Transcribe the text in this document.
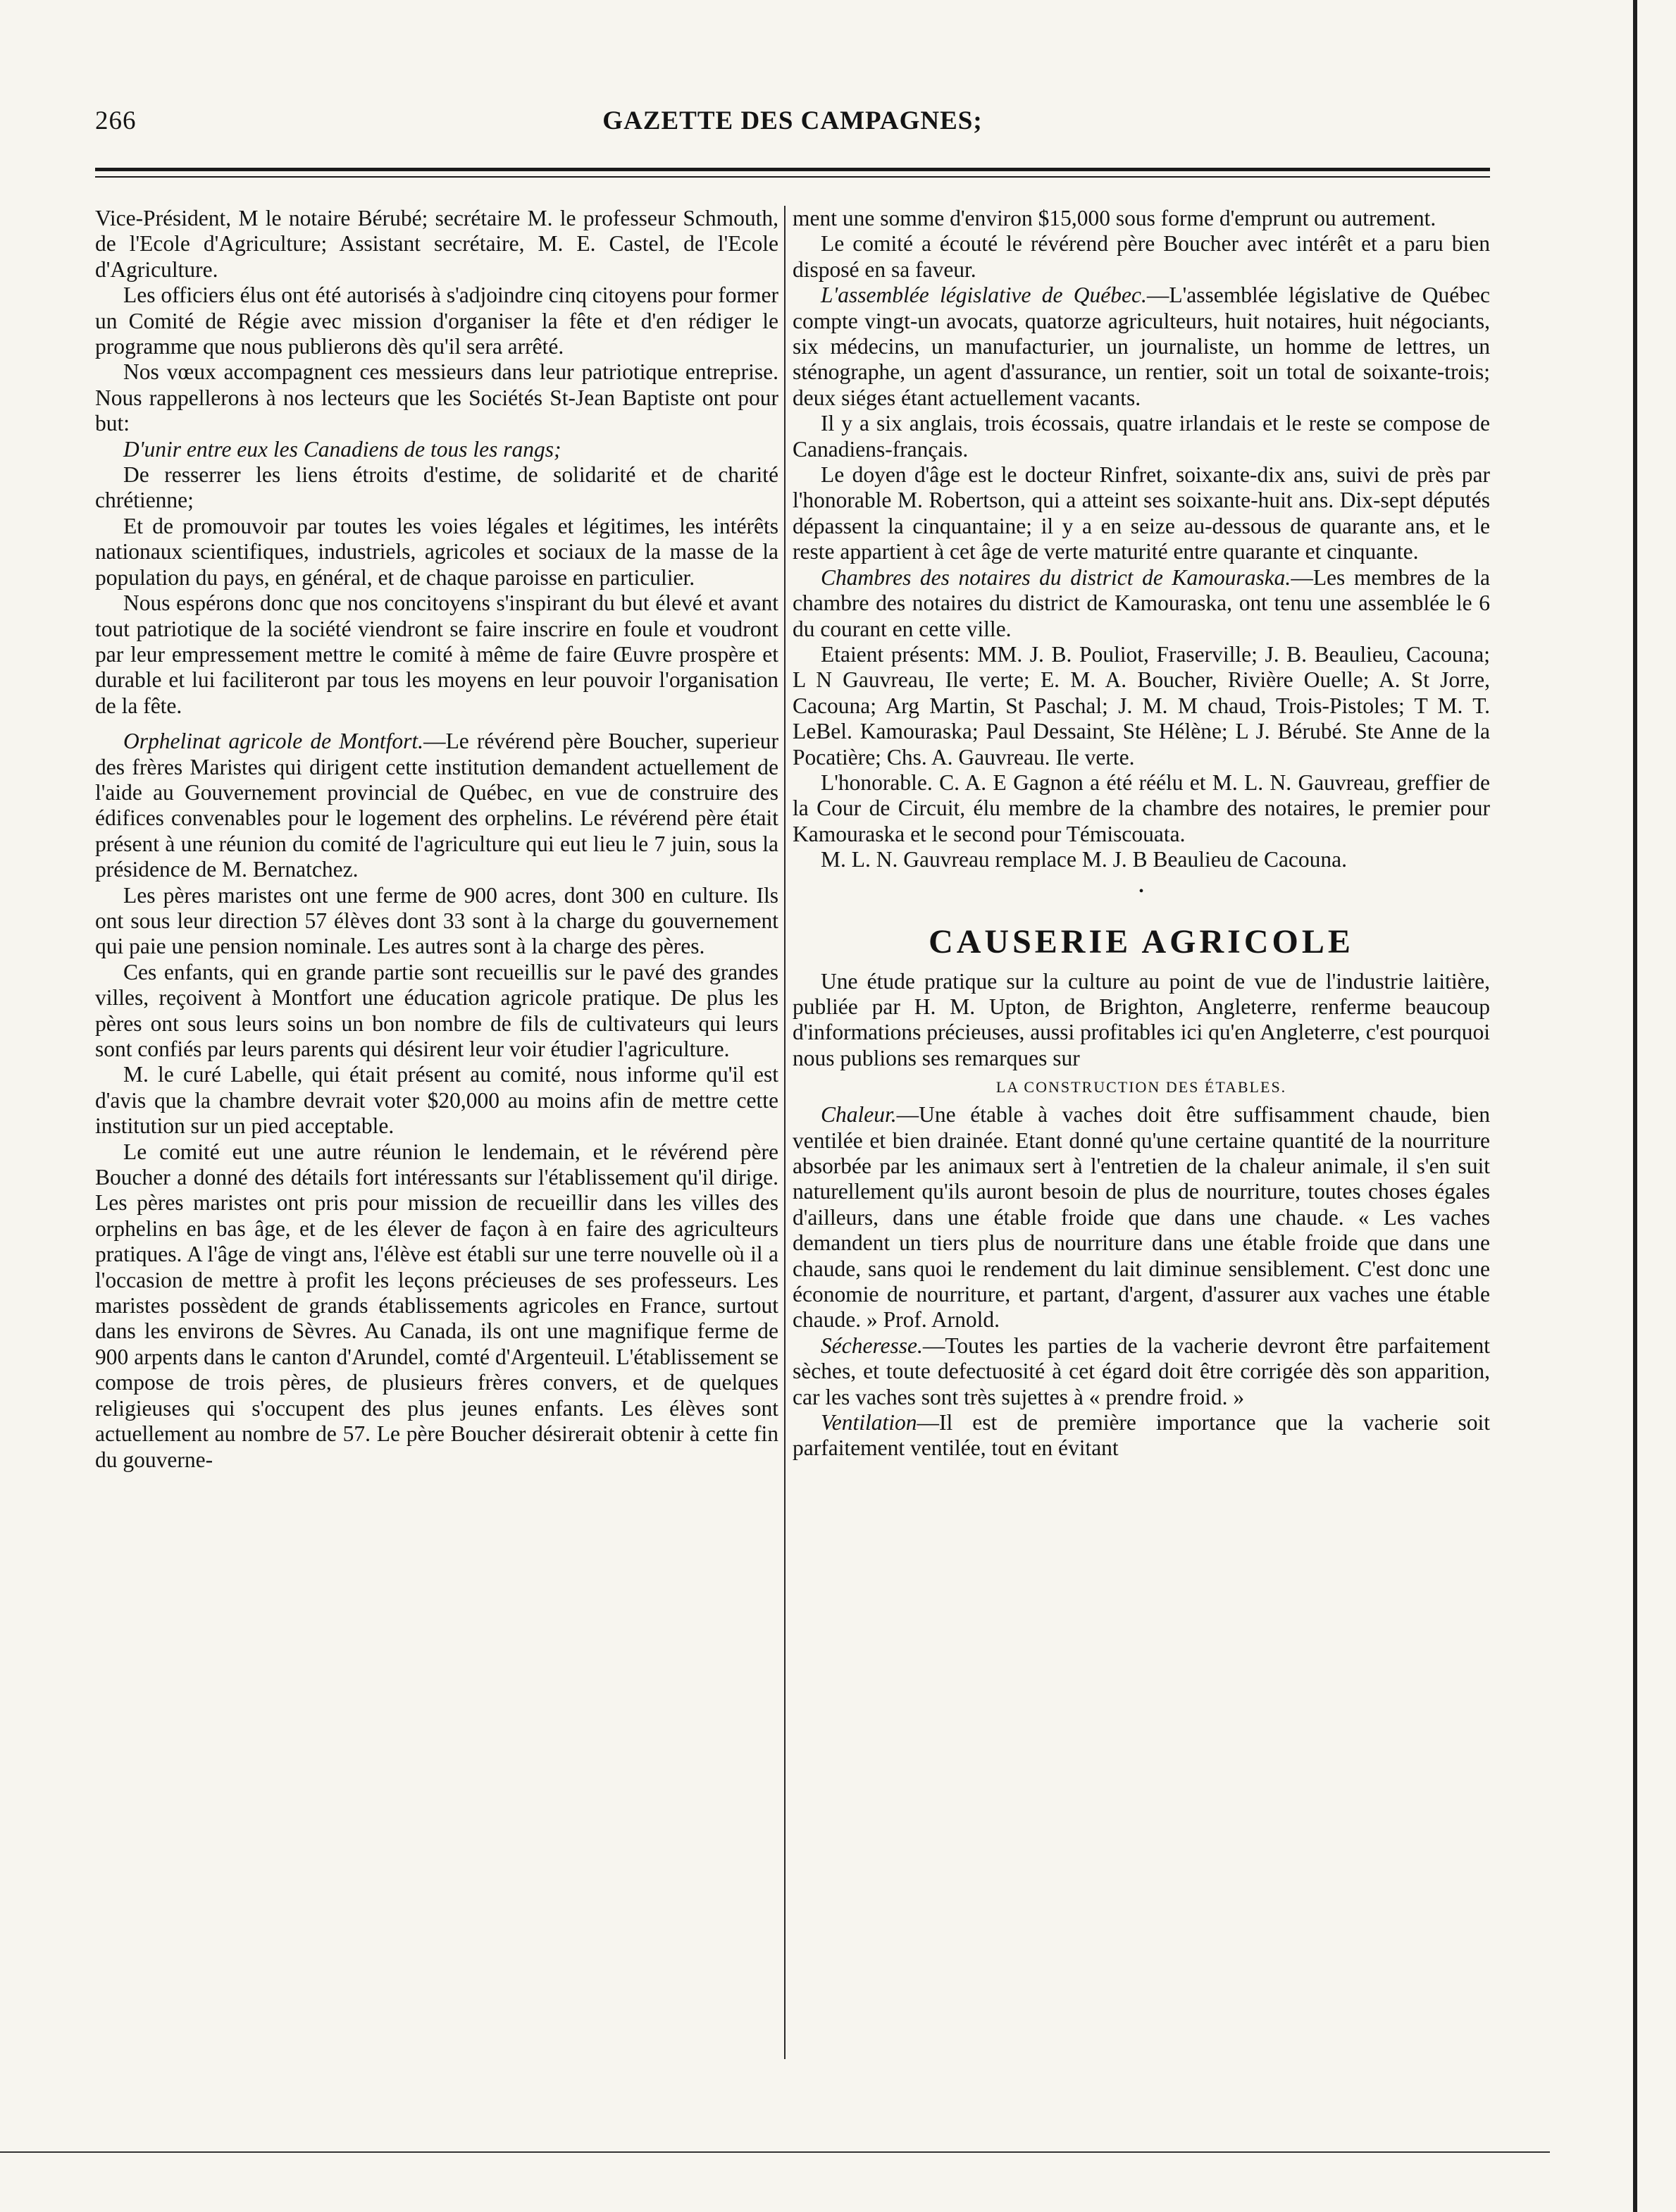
266	GAZETTE DES CAMPAGNES;

Vice-Président, M le notaire Bérubé; secrétaire M. le professeur Schmouth, de l'Ecole d'Agriculture; Assistant secrétaire, M. E. Castel, de l'Ecole d'Agriculture.

Les officiers élus ont été autorisés à s'adjoindre cinq citoyens pour former un Comité de Régie avec mission d'organiser la fête et d'en rédiger le programme que nous publierons dès qu'il sera arrêté.

Nos vœux accompagnent ces messieurs dans leur patriotique entreprise. Nous rappellerons à nos lecteurs que les Sociétés St-Jean Baptiste ont pour but:

D'unir entre eux les Canadiens de tous les rangs;

De resserrer les liens étroits d'estime, de solidarité et de charité chrétienne;

Et de promouvoir par toutes les voies légales et légitimes, les intérêts nationaux scientifiques, industriels, agricoles et sociaux de la masse de la population du pays, en général, et de chaque paroisse en particulier.

Nous espérons donc que nos concitoyens s'inspirant du but élevé et avant tout patriotique de la société viendront se faire inscrire en foule et voudront par leur empressement mettre le comité à même de faire Œuvre prospère et durable et lui faciliteront par tous les moyens en leur pouvoir l'organisation de la fête.

Orphelinat agricole de Montfort.—Le révérend père Boucher, superieur des frères Maristes qui dirigent cette institution demandent actuellement de l'aide au Gouvernement provincial de Québec, en vue de construire des édifices convenables pour le logement des orphelins. Le révérend père était présent à une réunion du comité de l'agriculture qui eut lieu le 7 juin, sous la présidence de M. Bernatchez.

Les pères maristes ont une ferme de 900 acres, dont 300 en culture. Ils ont sous leur direction 57 élèves dont 33 sont à la charge du gouvernement qui paie une pension nominale. Les autres sont à la charge des pères.

Ces enfants, qui en grande partie sont recueillis sur le pavé des grandes villes, reçoivent à Montfort une éducation agricole pratique. De plus les pères ont sous leurs soins un bon nombre de fils de cultivateurs qui leurs sont confiés par leurs parents qui désirent leur voir étudier l'agriculture.

M. le curé Labelle, qui était présent au comité, nous informe qu'il est d'avis que la chambre devrait voter $20,000 au moins afin de mettre cette institution sur un pied acceptable.

Le comité eut une autre réunion le lendemain, et le révérend père Boucher a donné des détails fort intéressants sur l'établissement qu'il dirige. Les pères maristes ont pris pour mission de recueillir dans les villes des orphelins en bas âge, et de les élever de façon à en faire des agriculteurs pratiques. A l'âge de vingt ans, l'élève est établi sur une terre nouvelle où il a l'occasion de mettre à profit les leçons précieuses de ses professeurs. Les maristes possèdent de grands établissements agricoles en France, surtout dans les environs de Sèvres. Au Canada, ils ont une magnifique ferme de 900 arpents dans le canton d'Arundel, comté d'Argenteuil. L'établissement se compose de trois pères, de plusieurs frères convers, et de quelques religieuses qui s'occupent des plus jeunes enfants. Les élèves sont actuellement au nombre de 57. Le père Boucher désirerait obtenir à cette fin du gouverne-

ment une somme d'environ $15,000 sous forme d'emprunt ou autrement.

Le comité a écouté le révérend père Boucher avec intérêt et a paru bien disposé en sa faveur.

L'assemblée législative de Québec.—L'assemblée législative de Québec compte vingt-un avocats, quatorze agriculteurs, huit notaires, huit négociants, six médecins, un manufacturier, un journaliste, un homme de lettres, un sténographe, un agent d'assurance, un rentier, soit un total de soixante-trois; deux siéges étant actuellement vacants.

Il y a six anglais, trois écossais, quatre irlandais et le reste se compose de Canadiens-français.

Le doyen d'âge est le docteur Rinfret, soixante-dix ans, suivi de près par l'honorable M. Robertson, qui a atteint ses soixante-huit ans. Dix-sept députés dépassent la cinquantaine; il y a en seize au-dessous de quarante ans, et le reste appartient à cet âge de verte maturité entre quarante et cinquante.

Chambres des notaires du district de Kamouraska.—Les membres de la chambre des notaires du district de Kamouraska, ont tenu une assemblée le 6 du courant en cette ville.

Etaient présents: MM. J. B. Pouliot, Fraserville; J. B. Beaulieu, Cacouna; L N Gauvreau, Ile verte; E. M. A. Boucher, Rivière Ouelle; A. St Jorre, Cacouna; Arg Martin, St Paschal; J. M. M chaud, Trois-Pistoles; T M. T. LeBel. Kamouraska; Paul Dessaint, Ste Hélène; L J. Bérubé. Ste Anne de la Pocatière; Chs. A. Gauvreau. Ile verte.

L'honorable. C. A. E Gagnon a été réélu et M. L. N. Gauvreau, greffier de la Cour de Circuit, élu membre de la chambre des notaires, le premier pour Kamouraska et le second pour Témiscouata.

M. L. N. Gauvreau remplace M. J. B Beaulieu de Cacouna.

•
CAUSERIE AGRICOLE

Une étude pratique sur la culture au point de vue de l'industrie laitière, publiée par H. M. Upton, de Brighton, Angleterre, renferme beaucoup d'informations précieuses, aussi profitables ici qu'en Angleterre, c'est pourquoi nous publions ses remarques sur

LA CONSTRUCTION DES ÉTABLES.

Chaleur.—Une étable à vaches doit être suffisamment chaude, bien ventilée et bien drainée. Etant donné qu'une certaine quantité de la nourriture absorbée par les animaux sert à l'entretien de la chaleur animale, il s'en suit naturellement qu'ils auront besoin de plus de nourriture, toutes choses égales d'ailleurs, dans une étable froide que dans une chaude. « Les vaches demandent un tiers plus de nourriture dans une étable froide que dans une chaude, sans quoi le rendement du lait diminue sensiblement. C'est donc une économie de nourriture, et partant, d'argent, d'assurer aux vaches une étable chaude. » Prof. Arnold.

Sécheresse.—Toutes les parties de la vacherie devront être parfaitement sèches, et toute defectuosité à cet égard doit être corrigée dès son apparition, car les vaches sont très sujettes à « prendre froid. »

Ventilation—Il est de première importance que la vacherie soit parfaitement ventilée, tout en évitant
